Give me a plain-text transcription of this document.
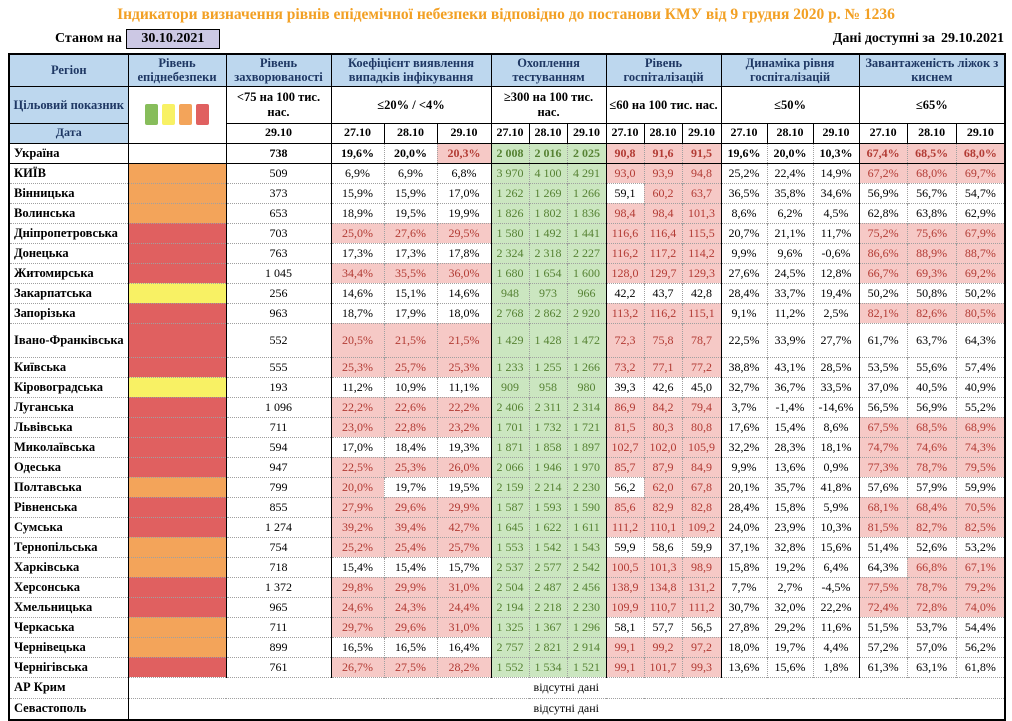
Індикатори визначення рівнів епідемічної небезпеки відповідно до постанови КМУ від 9 грудня 2020 р. № 1236
Станом на	30.10.2021	Дані доступні за 29.10.2021
Регіон	Рівень епіднебезпеки	Рівень захворюваності	Коефіцієнт виявлення випадків інфікування			Охоплення тестуванням			Рівень госпіталізацій			Динаміка рівня госпіталізацій			Завантаженість ліжок з киснем		
Цільовий показник		<75 на 100 тис. нас.	≤20% / <4%			≥300 на 100 тис. нас.			≤60 на 100 тис. нас.			≤50%			≤65%		
Дата		29.10	27.10	28.10	29.10	27.10	28.10	29.10	27.10	28.10	29.10	27.10	28.10	29.10	27.10	28.10	29.10
Україна		738	19,6%	20,0%	20,3%	2 008	2 016	2 025	90,8	91,6	91,5	19,6%	20,0%	10,3%	67,4%	68,5%	68,0%
КИЇВ		509	6,9%	6,9%	6,8%	3 970	4 100	4 291	93,0	93,9	94,8	25,2%	22,4%	14,9%	67,2%	68,0%	69,7%
Вінницька		373	15,9%	15,9%	17,0%	1 262	1 269	1 266	59,1	60,2	63,7	36,5%	35,8%	34,6%	56,9%	56,7%	54,7%
Волинська		653	18,9%	19,5%	19,9%	1 826	1 802	1 836	98,4	98,4	101,3	8,6%	6,2%	4,5%	62,8%	63,8%	62,9%
Дніпропетровська		703	25,0%	27,6%	29,5%	1 580	1 492	1 441	116,6	116,4	115,5	20,7%	21,1%	11,7%	75,2%	75,6%	67,9%
Донецька		763	17,3%	17,3%	17,8%	2 324	2 318	2 227	116,2	117,2	114,2	9,9%	9,6%	-0,6%	86,6%	88,9%	88,7%
Житомирська		1 045	34,4%	35,5%	36,0%	1 680	1 654	1 600	128,0	129,7	129,3	27,6%	24,5%	12,8%	66,7%	69,3%	69,2%
Закарпатська		256	14,6%	15,1%	14,6%	948	973	966	42,2	43,7	42,8	28,4%	33,7%	19,4%	50,2%	50,8%	50,2%
Запорізька		963	18,7%	17,9%	18,0%	2 768	2 862	2 920	113,2	116,2	115,1	9,1%	11,2%	2,5%	82,1%	82,6%	80,5%
Івано-Франківська		552	20,5%	21,5%	21,5%	1 429	1 428	1 472	72,3	75,8	78,7	22,5%	33,9%	27,7%	61,7%	63,7%	64,3%
Київська		555	25,3%	25,7%	25,3%	1 233	1 255	1 266	73,2	77,1	77,2	38,8%	43,1%	28,5%	53,5%	55,6%	57,4%
Кіровоградська		193	11,2%	10,9%	11,1%	909	958	980	39,3	42,6	45,0	32,7%	36,7%	33,5%	37,0%	40,5%	40,9%
Луганська		1 096	22,2%	22,6%	22,2%	2 406	2 311	2 314	86,9	84,2	79,4	3,7%	-1,4%	-14,6%	56,5%	56,9%	55,2%
Львівська		711	23,0%	22,8%	23,2%	1 701	1 732	1 721	81,5	80,3	80,8	17,6%	15,4%	8,6%	67,5%	68,5%	68,9%
Миколаївська		594	17,0%	18,4%	19,3%	1 871	1 858	1 897	102,7	102,0	105,9	32,2%	28,3%	18,1%	74,7%	74,6%	74,3%
Одеська		947	22,5%	25,3%	26,0%	2 066	1 946	1 970	85,7	87,9	84,9	9,9%	13,6%	0,9%	77,3%	78,7%	79,5%
Полтавська		799	20,0%	19,7%	19,5%	2 159	2 214	2 230	56,2	62,0	67,8	20,1%	35,7%	41,8%	57,6%	57,9%	59,9%
Рівненська		855	27,9%	29,6%	29,9%	1 587	1 593	1 590	85,6	82,9	82,8	28,4%	15,8%	5,9%	68,1%	68,4%	70,5%
Сумська		1 274	39,2%	39,4%	42,7%	1 645	1 622	1 611	111,2	110,1	109,2	24,0%	23,9%	10,3%	81,5%	82,7%	82,5%
Тернопільська		754	25,2%	25,4%	25,7%	1 553	1 542	1 543	59,9	58,6	59,9	37,1%	32,8%	15,6%	51,4%	52,6%	53,2%
Харківська		718	15,4%	15,4%	15,7%	2 537	2 577	2 542	100,5	101,3	98,9	15,8%	19,2%	6,4%	64,3%	66,8%	67,1%
Херсонська		1 372	29,8%	29,9%	31,0%	2 504	2 487	2 456	138,9	134,8	131,2	7,7%	2,7%	-4,5%	77,5%	78,7%	79,2%
Хмельницька		965	24,6%	24,3%	24,4%	2 194	2 218	2 230	109,9	110,7	111,2	30,7%	32,0%	22,2%	72,4%	72,8%	74,0%
Черкаська		711	29,7%	29,6%	31,0%	1 325	1 367	1 296	58,1	57,7	56,5	27,8%	29,2%	11,6%	51,5%	53,7%	54,4%
Чернівецька		899	16,5%	16,5%	16,4%	2 757	2 821	2 914	99,1	99,2	97,2	18,0%	19,7%	4,4%	57,2%	57,0%	56,2%
Чернігівська		761	26,7%	27,5%	28,2%	1 552	1 534	1 521	99,1	101,7	99,3	13,6%	15,6%	1,8%	61,3%	63,1%	61,8%
АР Крим	відсутні дані																
Севастополь	відсутні дані																
